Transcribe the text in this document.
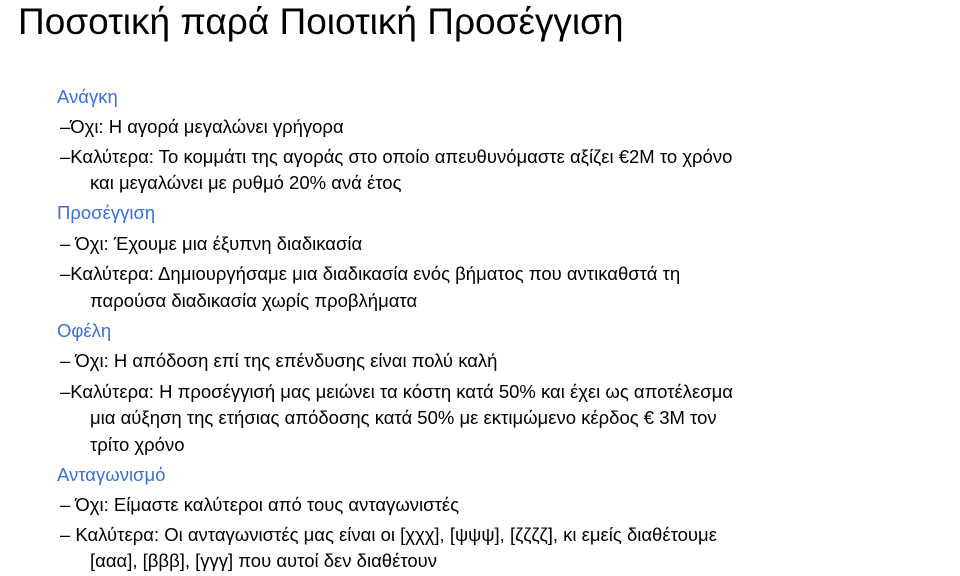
Ποσοτική παρά Ποιοτική Προσέγγιση
Ανάγκη
–Όχι: Η αγορά μεγαλώνει γρήγορα
–Καλύτερα: Το κομμάτι της αγοράς στο οποίο απευθυνόμαστε αξίζει €2Μ το χρόνο
και μεγαλώνει με ρυθμό 20% ανά έτος
Προσέγγιση
– Όχι: Έχουμε μια έξυπνη διαδικασία
–Καλύτερα: Δημιουργήσαμε μια διαδικασία ενός βήματος που αντικαθστά τη
παρούσα διαδικασία χωρίς προβλήματα
Οφέλη
– Όχι: Η απόδοση επί της επένδυσης είναι πολύ καλή
–Καλύτερα: Η προσέγγισή μας μειώνει τα κόστη κατά 50% και έχει ως αποτέλεσμα
μια αύξηση της ετήσιας απόδοσης κατά 50% με εκτιμώμενο κέρδος € 3Μ τον
τρίτο χρόνο
Ανταγωνισμό
– Όχι: Είμαστε καλύτεροι από τους ανταγωνιστές
– Καλύτερα: Οι ανταγωνιστές μας είναι οι [χχχ], [ψψψ], [ζζζζ], κι εμείς διαθέτουμε
[ααα], [βββ], [γγγ] που αυτοί δεν διαθέτουν
